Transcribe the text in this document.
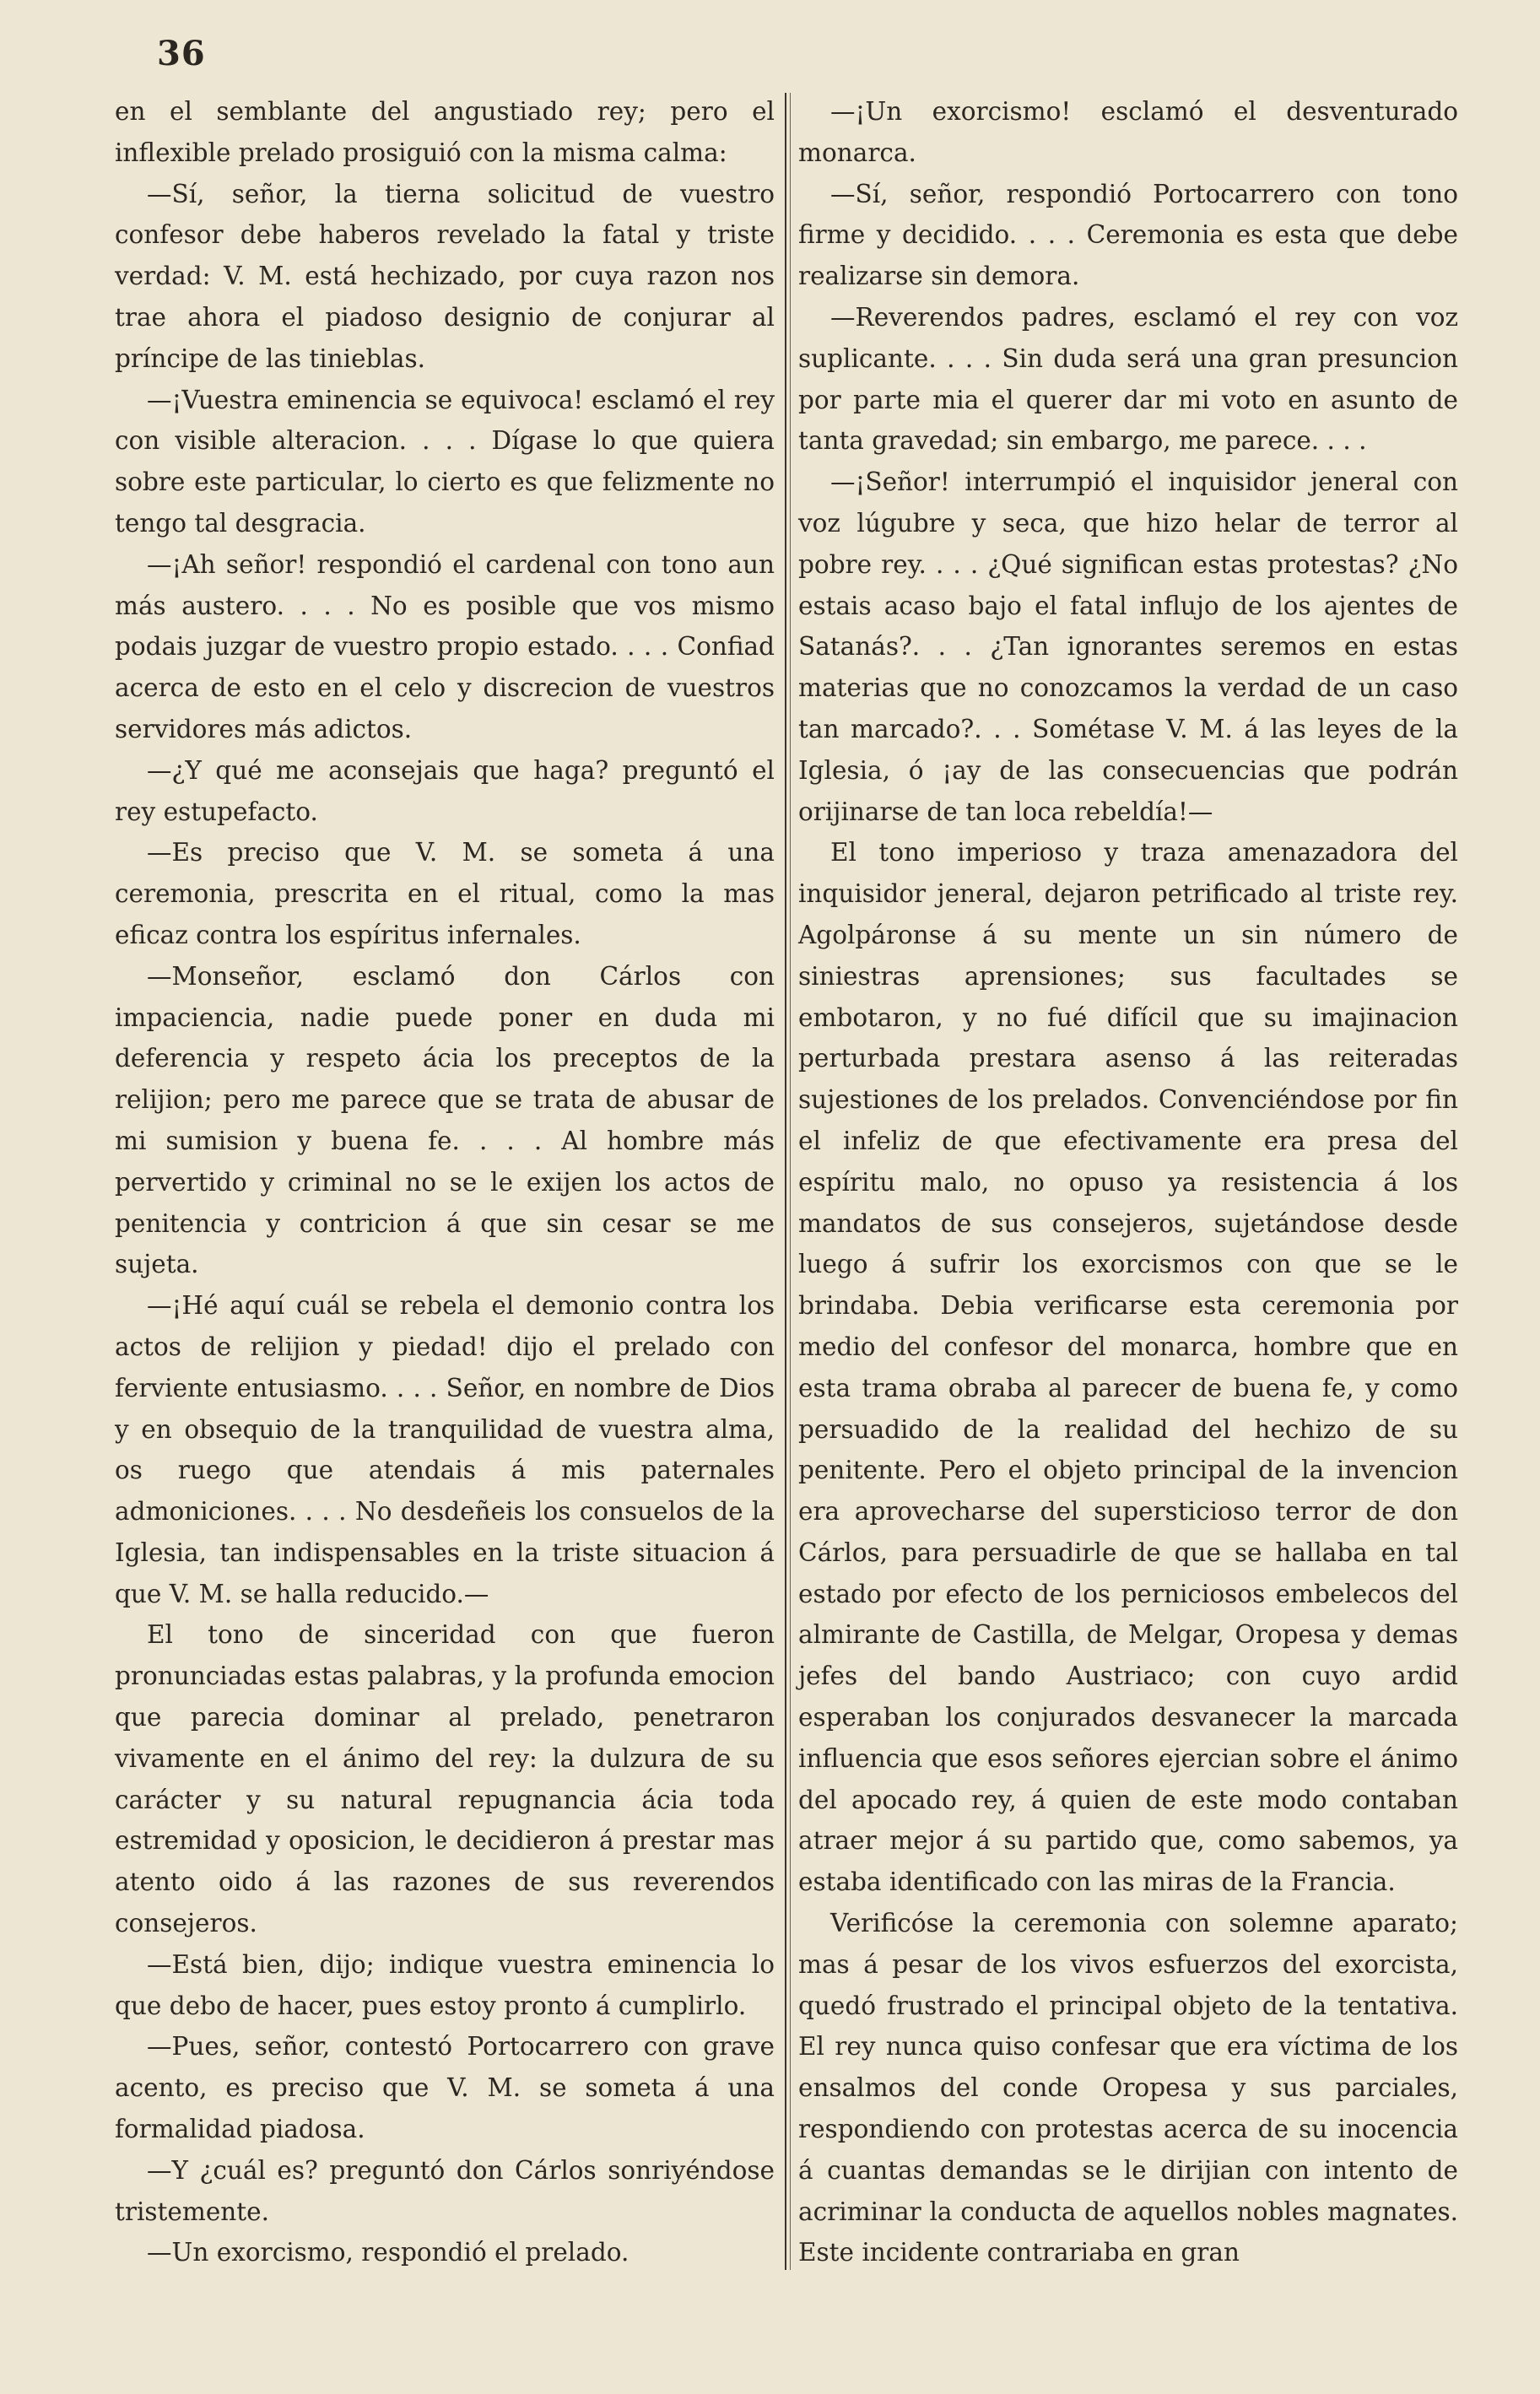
36

en el semblante del angustiado rey; pero el inflexible prelado prosiguió con la misma calma:

—Sí, señor, la tierna solicitud de vuestro confesor debe haberos revelado la fatal y triste verdad: V. M. está hechizado, por cuya razon nos trae ahora el piadoso designio de conjurar al príncipe de las tinieblas.

—¡Vuestra eminencia se equivoca! esclamó el rey con visible alteracion. . . . Dígase lo que quiera sobre este particular, lo cierto es que felizmente no tengo tal desgracia.

—¡Ah señor! respondió el cardenal con tono aun más austero. . . . No es posible que vos mismo podais juzgar de vuestro propio estado. . . . Confiad acerca de esto en el celo y discrecion de vuestros servidores más adictos.

—¿Y qué me aconsejais que haga? preguntó el rey estupefacto.

—Es preciso que V. M. se someta á una ceremonia, prescrita en el ritual, como la mas eficaz contra los espíritus infernales.

—Monseñor, esclamó don Cárlos con impaciencia, nadie puede poner en duda mi deferencia y respeto ácia los preceptos de la relijion; pero me parece que se trata de abusar de mi sumision y buena fe. . . . Al hombre más pervertido y criminal no se le exijen los actos de penitencia y contricion á que sin cesar se me sujeta.

—¡Hé aquí cuál se rebela el demonio contra los actos de relijion y piedad! dijo el prelado con ferviente entusiasmo. . . . Señor, en nombre de Dios y en obsequio de la tranquilidad de vuestra alma, os ruego que atendais á mis paternales admoniciones. . . . No desdeñeis los consuelos de la Iglesia, tan indispensables en la triste situacion á que V. M. se halla reducido.—

El tono de sinceridad con que fueron pronunciadas estas palabras, y la profunda emocion que parecia dominar al prelado, penetraron vivamente en el ánimo del rey: la dulzura de su carácter y su natural repugnancia ácia toda estremidad y oposicion, le decidieron á prestar mas atento oido á las razones de sus reverendos consejeros.

—Está bien, dijo; indique vuestra eminencia lo que debo de hacer, pues estoy pronto á cumplirlo.

—Pues, señor, contestó Portocarrero con grave acento, es preciso que V. M. se someta á una formalidad piadosa.

—Y ¿cuál es? preguntó don Cárlos sonriyéndose tristemente.

—Un exorcismo, respondió el prelado.

—¡Un exorcismo! esclamó el desventurado monarca.

—Sí, señor, respondió Portocarrero con tono firme y decidido. . . . Ceremonia es esta que debe realizarse sin demora.

—Reverendos padres, esclamó el rey con voz suplicante. . . . Sin duda será una gran presuncion por parte mia el querer dar mi voto en asunto de tanta gravedad; sin embargo, me parece. . . .

—¡Señor! interrumpió el inquisidor jeneral con voz lúgubre y seca, que hizo helar de terror al pobre rey. . . . ¿Qué significan estas protestas? ¿No estais acaso bajo el fatal influjo de los ajentes de Satanás?. . . ¿Tan ignorantes seremos en estas materias que no conozcamos la verdad de un caso tan marcado?. . . Sométase V. M. á las leyes de la Iglesia, ó ¡ay de las consecuencias que podrán orijinarse de tan loca rebeldía!—

El tono imperioso y traza amenazadora del inquisidor jeneral, dejaron petrificado al triste rey. Agolpáronse á su mente un sin número de siniestras aprensiones; sus facultades se embotaron, y no fué difícil que su imajinacion perturbada prestara asenso á las reiteradas sujestiones de los prelados. Convenciéndose por fin el infeliz de que efectivamente era presa del espíritu malo, no opuso ya resistencia á los mandatos de sus consejeros, sujetándose desde luego á sufrir los exorcismos con que se le brindaba. Debia verificarse esta ceremonia por medio del confesor del monarca, hombre que en esta trama obraba al parecer de buena fe, y como persuadido de la realidad del hechizo de su penitente. Pero el objeto principal de la invencion era aprovecharse del supersticioso terror de don Cárlos, para persuadirle de que se hallaba en tal estado por efecto de los perniciosos embelecos del almirante de Castilla, de Melgar, Oropesa y demas jefes del bando Austriaco; con cuyo ardid esperaban los conjurados desvanecer la marcada influencia que esos señores ejercian sobre el ánimo del apocado rey, á quien de este modo contaban atraer mejor á su partido que, como sabemos, ya estaba identificado con las miras de la Francia.

Verificóse la ceremonia con solemne aparato; mas á pesar de los vivos esfuerzos del exorcista, quedó frustrado el principal objeto de la tentativa. El rey nunca quiso confesar que era víctima de los ensalmos del conde Oropesa y sus parciales, respondiendo con protestas acerca de su inocencia á cuantas demandas se le dirijian con intento de acriminar la conducta de aquellos nobles magnates. Este incidente contrariaba en gran
